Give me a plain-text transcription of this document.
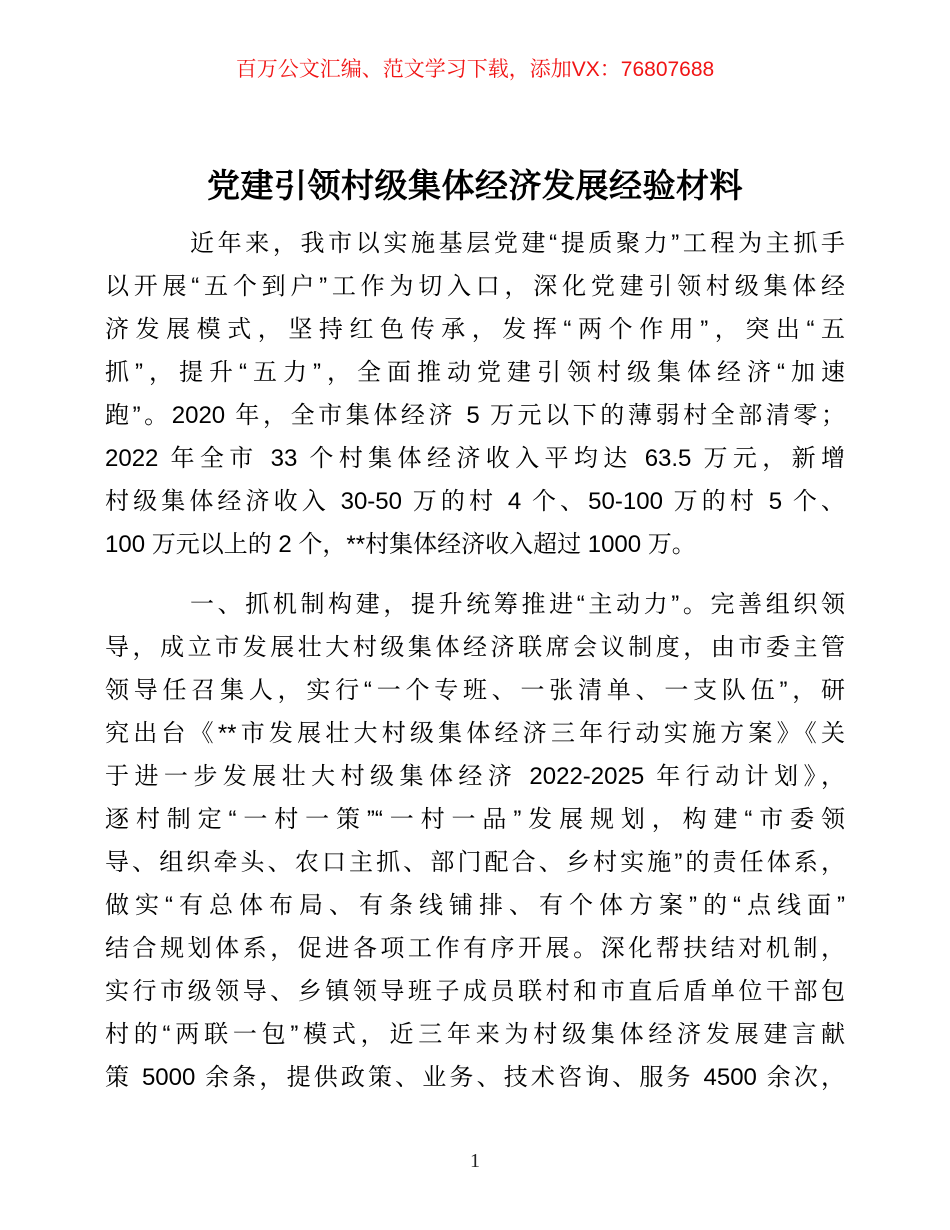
百万公文汇编、范文学习下载，添加VX：76807688
党建引领村级集体经济发展经验材料
近年来，我市以实施基层党建“提质聚力”工程为主抓手
以开展“五个到户”工作为切入口，深化党建引领村级集体经
济发展模式，坚持红色传承，发挥“两个作用”，突出“五
抓”，提升“五力”，全面推动党建引领村级集体经济“加速
跑”。2020 年，全市集体经济 5 万元以下的薄弱村全部清零；
2022 年全市 33 个村集体经济收入平均达 63.5 万元，新增
村级集体经济收入 30-50 万的村 4 个、50-100 万的村 5 个、
100 万元以上的 2 个，**村集体经济收入超过 1000 万。
一、抓机制构建，提升统筹推进“主动力”。完善组织领
导，成立市发展壮大村级集体经济联席会议制度，由市委主管
领导任召集人，实行“一个专班、一张清单、一支队伍”，研
究出台《**市发展壮大村级集体经济三年行动实施方案》《关
于进一步发展壮大村级集体经济 2022-2025 年行动计划》，
逐村制定“一村一策”“一村一品”发展规划，构建“市委领
导、组织牵头、农口主抓、部门配合、乡村实施”的责任体系，
做实“有总体布局、有条线铺排、有个体方案”的“点线面”
结合规划体系，促进各项工作有序开展。深化帮扶结对机制，
实行市级领导、乡镇领导班子成员联村和市直后盾单位干部包
村的“两联一包”模式，近三年来为村级集体经济发展建言献
策 5000 余条，提供政策、业务、技术咨询、服务 4500 余次，
1
